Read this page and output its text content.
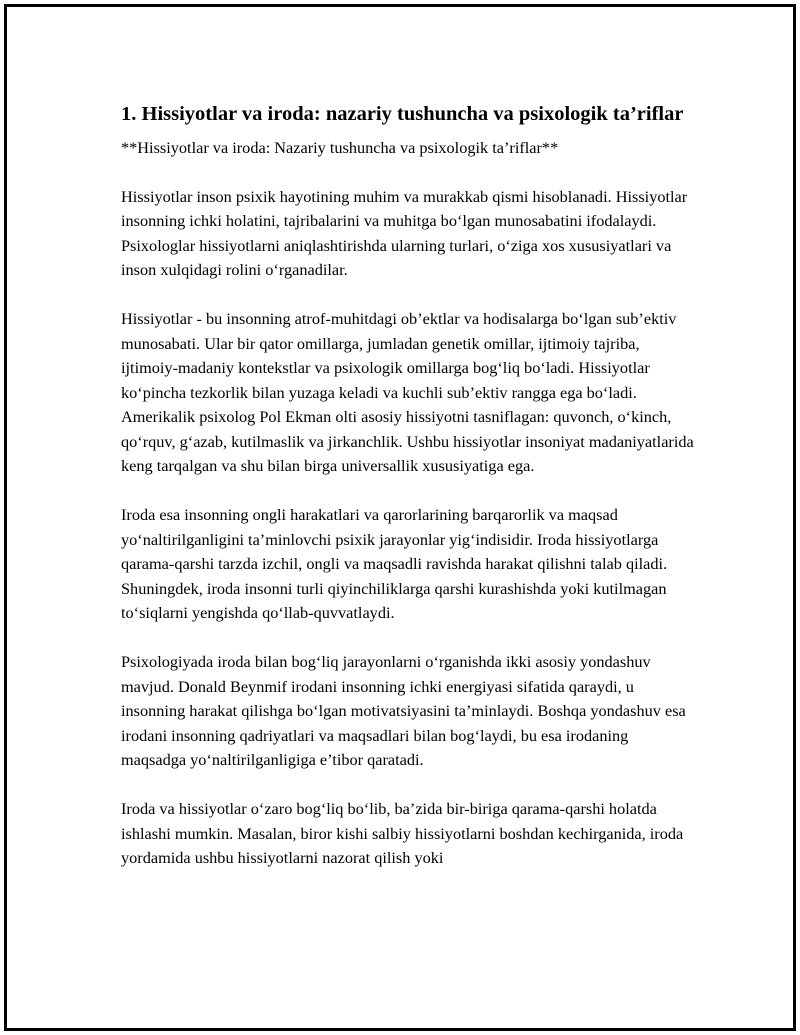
1. Hissiyotlar va iroda: nazariy tushuncha va psixologik ta’riflar

**Hissiyotlar va iroda: Nazariy tushuncha va psixologik ta’riflar**

Hissiyotlar inson psixik hayotining muhim va murakkab qismi hisoblanadi. Hissiyotlar insonning ichki holatini, tajribalarini va muhitga bo‘lgan munosabatini ifodalaydi. Psixologlar hissiyotlarni aniqlashtirishda ularning turlari, o‘ziga xos xususiyatlari va inson xulqidagi rolini o‘rganadilar.

Hissiyotlar - bu insonning atrof-muhitdagi ob’ektlar va hodisalarga bo‘lgan sub’ektiv munosabati. Ular bir qator omillarga, jumladan genetik omillar, ijtimoiy tajriba, ijtimoiy-madaniy kontekstlar va psixologik omillarga bog‘liq bo‘ladi. Hissiyotlar ko‘pincha tezkorlik bilan yuzaga keladi va kuchli sub’ektiv rangga ega bo‘ladi. Amerikalik psixolog Pol Ekman olti asosiy hissiyotni tasniflagan: quvonch, o‘kinch, qo‘rquv, g‘azab, kutilmaslik va jirkanchlik. Ushbu hissiyotlar insoniyat madaniyatlarida keng tarqalgan va shu bilan birga universallik xususiyatiga ega.

Iroda esa insonning ongli harakatlari va qarorlarining barqarorlik va maqsad yo‘naltirilganligini ta’minlovchi psixik jarayonlar yig‘indisidir. Iroda hissiyotlarga qarama-qarshi tarzda izchil, ongli va maqsadli ravishda harakat qilishni talab qiladi. Shuningdek, iroda insonni turli qiyinchiliklarga qarshi kurashishda yoki kutilmagan to‘siqlarni yengishda qo‘llab-quvvatlaydi.

Psixologiyada iroda bilan bog‘liq jarayonlarni o‘rganishda ikki asosiy yondashuv mavjud. Donald Beynmif irodani insonning ichki energiyasi sifatida qaraydi, u insonning harakat qilishga bo‘lgan motivatsiyasini ta’minlaydi. Boshqa yondashuv esa irodani insonning qadriyatlari va maqsadlari bilan bog‘laydi, bu esa irodaning maqsadga yo‘naltirilganligiga e’tibor qaratadi.

Iroda va hissiyotlar o‘zaro bog‘liq bo‘lib, ba’zida bir-biriga qarama-qarshi holatda ishlashi mumkin. Masalan, biror kishi salbiy hissiyotlarni boshdan kechirganida, iroda yordamida ushbu hissiyotlarni nazorat qilish yoki
